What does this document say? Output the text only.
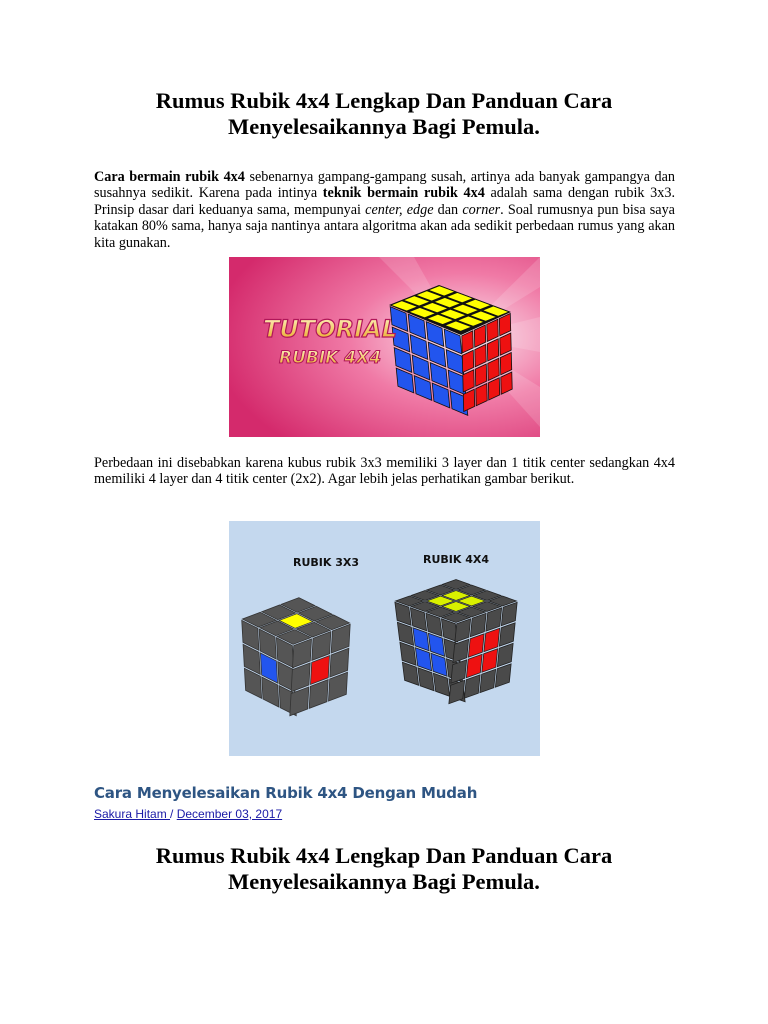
Rumus Rubik 4x4 Lengkap Dan Panduan Cara Menyelesaikannya Bagi Pemula.

Cara bermain rubik 4x4 sebenarnya gampang-gampang susah, artinya ada banyak gampangya dan susahnya sedikit. Karena pada intinya teknik bermain rubik 4x4 adalah sama dengan rubik 3x3. Prinsip dasar dari keduanya sama, mempunyai center, edge dan corner. Soal rumusnya pun bisa saya katakan 80% sama, hanya saja nantinya antara algoritma akan ada sedikit perbedaan rumus yang akan kita gunakan.

TUTORIAL
RUBIK 4X4

Perbedaan ini disebabkan karena kubus rubik 3x3 memiliki 3 layer dan 1 titik center sedangkan 4x4 memiliki 4 layer dan 4 titik center (2x2). Agar lebih jelas perhatikan gambar berikut.

RUBIK 3X3	RUBIK 4X4
Cara Menyelesaikan Rubik 4x4 Dengan Mudah
Sakura Hitam / December 03, 2017
Rumus Rubik 4x4 Lengkap Dan Panduan Cara Menyelesaikannya Bagi Pemula.
